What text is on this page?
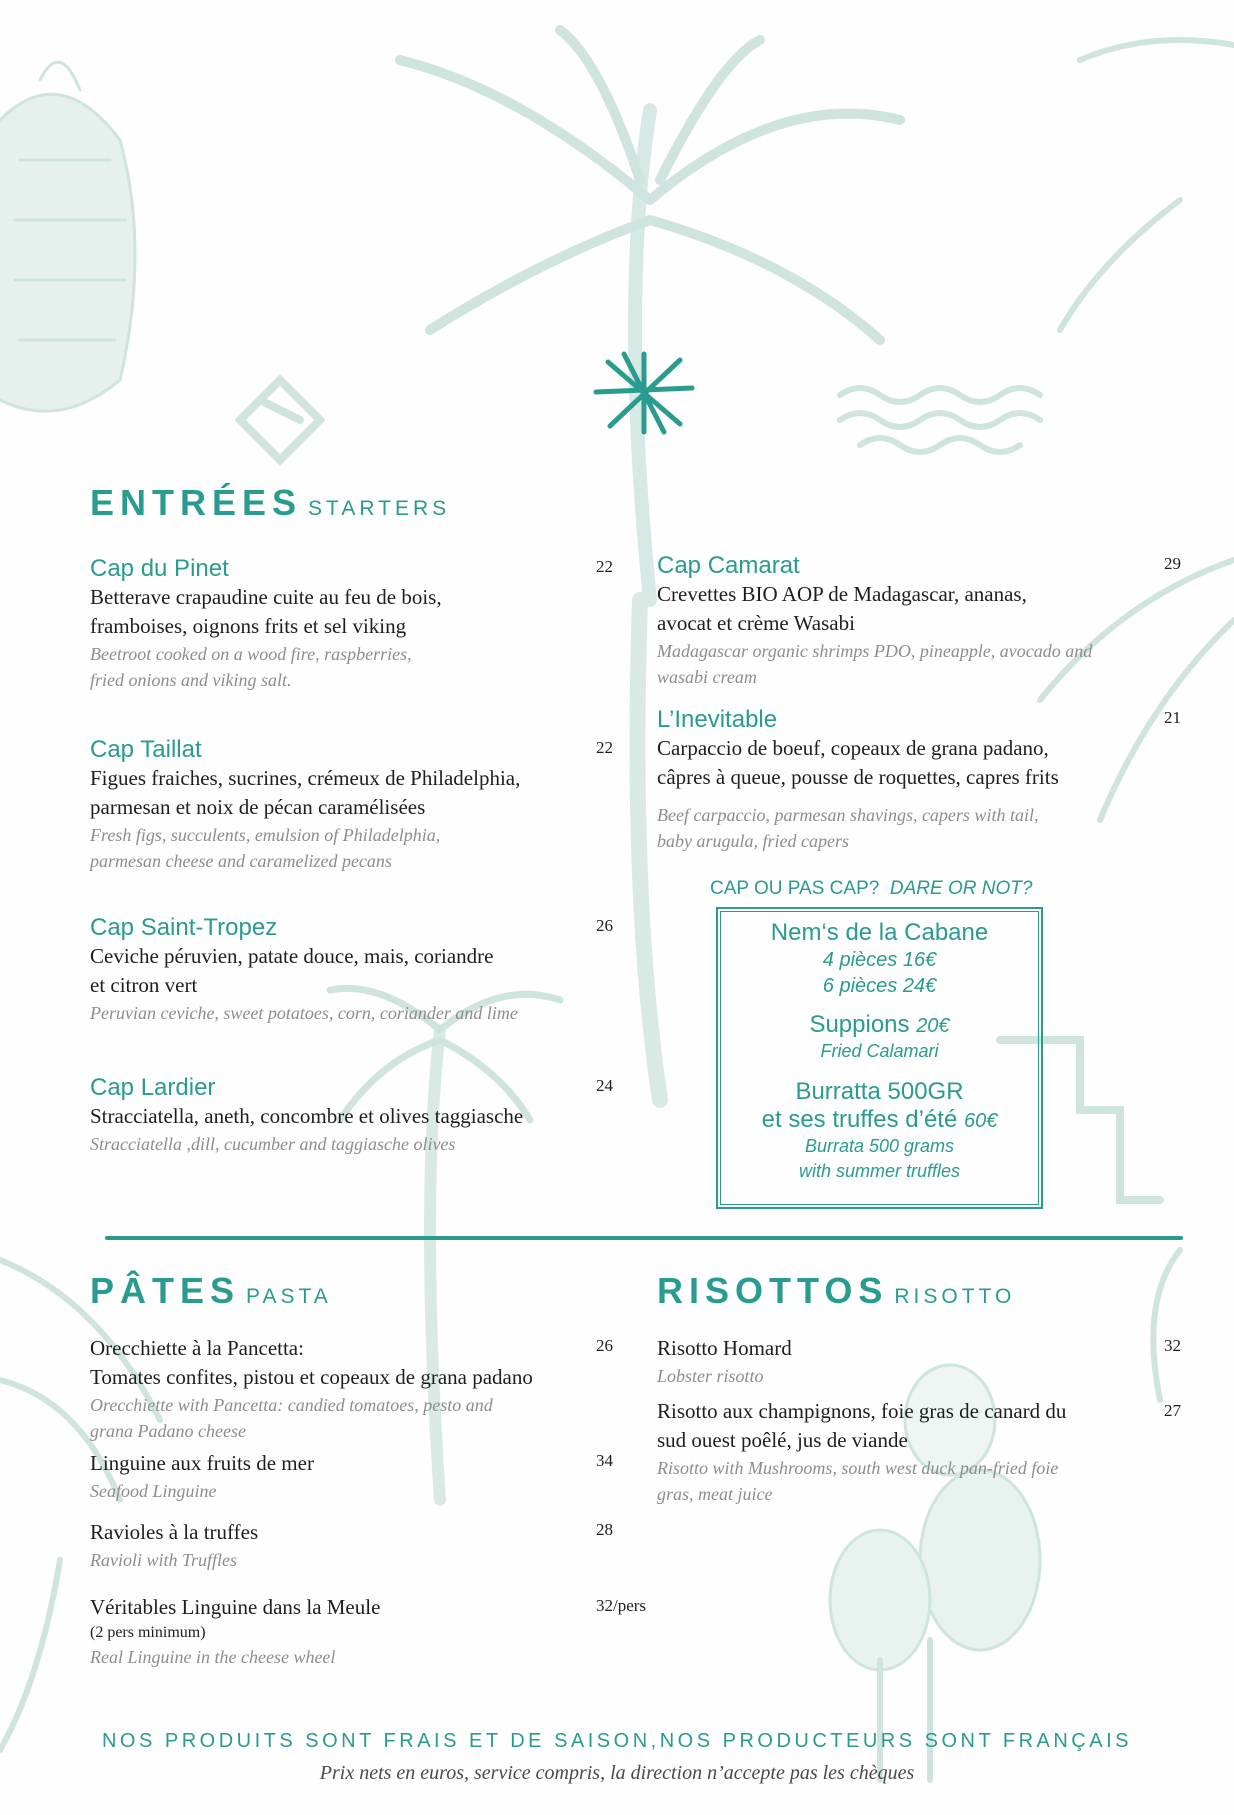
ENTRÉES STARTERS
Cap du Pinet
Betterave crapaudine cuite au feu de bois,
framboises, oignons frits et sel viking
Beetroot cooked on a wood fire, raspberries,
fried onions and viking salt.
22
Cap Taillat
Figues fraiches, sucrines, crémeux de Philadelphia,
parmesan et noix de pécan caramélisées
Fresh figs, succulents, emulsion of Philadelphia,
parmesan cheese and caramelized pecans
22
Cap Saint-Tropez
Ceviche péruvien, patate douce, mais, coriandre
et citron vert
Peruvian ceviche, sweet potatoes, corn, coriander and lime
26
Cap Lardier
Stracciatella, aneth, concombre et olives taggiasche
Stracciatella ,dill, cucumber and taggiasche olives
24
Cap Camarat
Crevettes BIO AOP de Madagascar, ananas,
avocat et crème Wasabi
Madagascar organic shrimps PDO, pineapple, avocado and
wasabi cream
29
L’Inevitable
Carpaccio de boeuf, copeaux de grana padano,
câpres à queue, pousse de roquettes, capres frits
Beef carpaccio, parmesan shavings, capers with tail,
baby arugula, fried capers
21
CAP OU PAS CAP? DARE OR NOT?
Nem‘s de la Cabane
4 pièces 16€
6 pièces 24€
Suppions 20€
Fried Calamari
Burratta 500GR
et ses truffes d’été 60€
Burrata 500 grams
with summer truffles
PÂTES PASTA
Orecchiette à la Pancetta:
Tomates confites, pistou et copeaux de grana padano
Orecchiette with Pancetta: candied tomatoes, pesto and
grana Padano cheese
26
Linguine aux fruits de mer
Seafood Linguine
34
Ravioles à la truffes
Ravioli with Truffles
28
Véritables Linguine dans la Meule
(2 pers minimum)
Real Linguine in the cheese wheel
32/pers
RISOTTOS RISOTTO
Risotto Homard
Lobster risotto
32
Risotto aux champignons, foie gras de canard du
sud ouest poêlé, jus de viande
Risotto with Mushrooms, south west duck pan-fried foie
gras, meat juice
27
NOS PRODUITS SONT FRAIS ET DE SAISON,NOS PRODUCTEURS SONT FRANÇAIS
Prix nets en euros, service compris, la direction n’accepte pas les chèques
